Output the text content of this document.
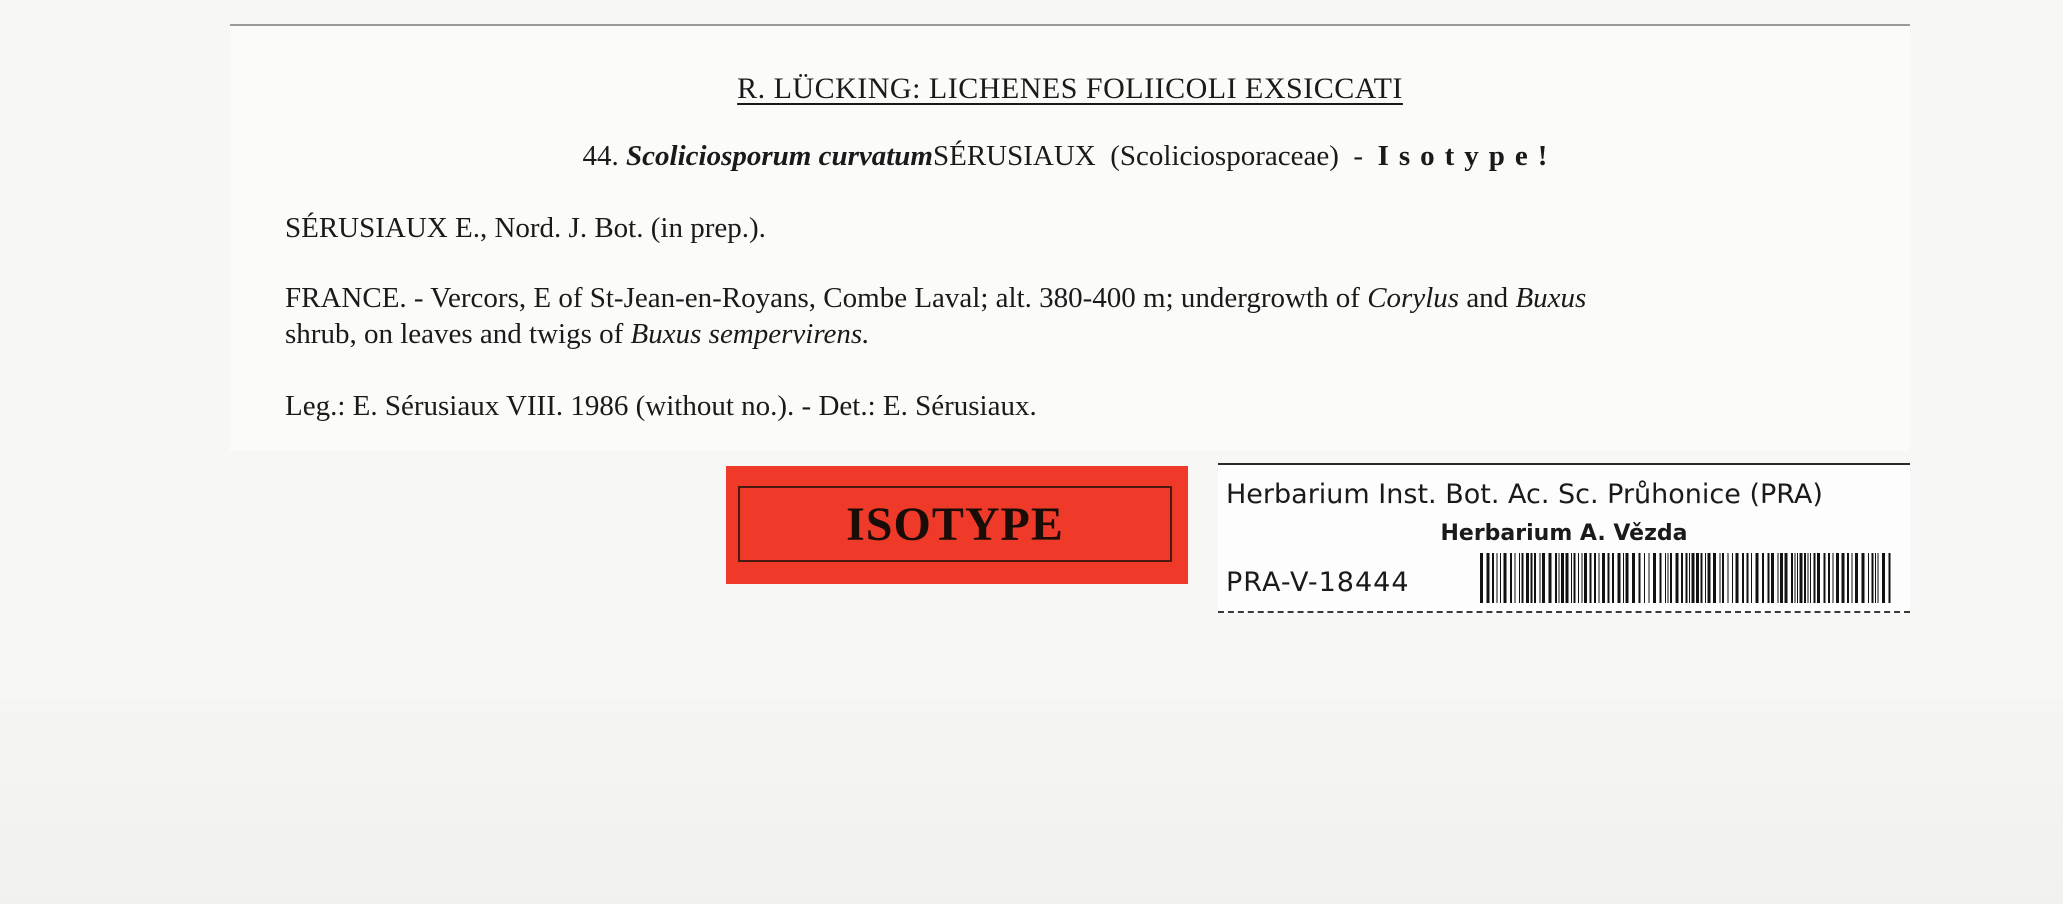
R. LÜCKING: LICHENES FOLIICOLI EXSICCATI
44. Scoliciosporum curvatumSÉRUSIAUX (Scoliciosporaceae) - Isotype!
SÉRUSIAUX E., Nord. J. Bot. (in prep.).
FRANCE. - Vercors, E of St-Jean-en-Royans, Combe Laval; alt. 380-400 m; undergrowth of Corylus and Buxus
shrub, on leaves and twigs of Buxus sempervirens.
Leg.: E. Sérusiaux VIII. 1986 (without no.). - Det.: E. Sérusiaux.
ISOTYPE
Herbarium Inst. Bot. Ac. Sc. Průhonice (PRA)
Herbarium A. Vězda
PRA-V-18444
